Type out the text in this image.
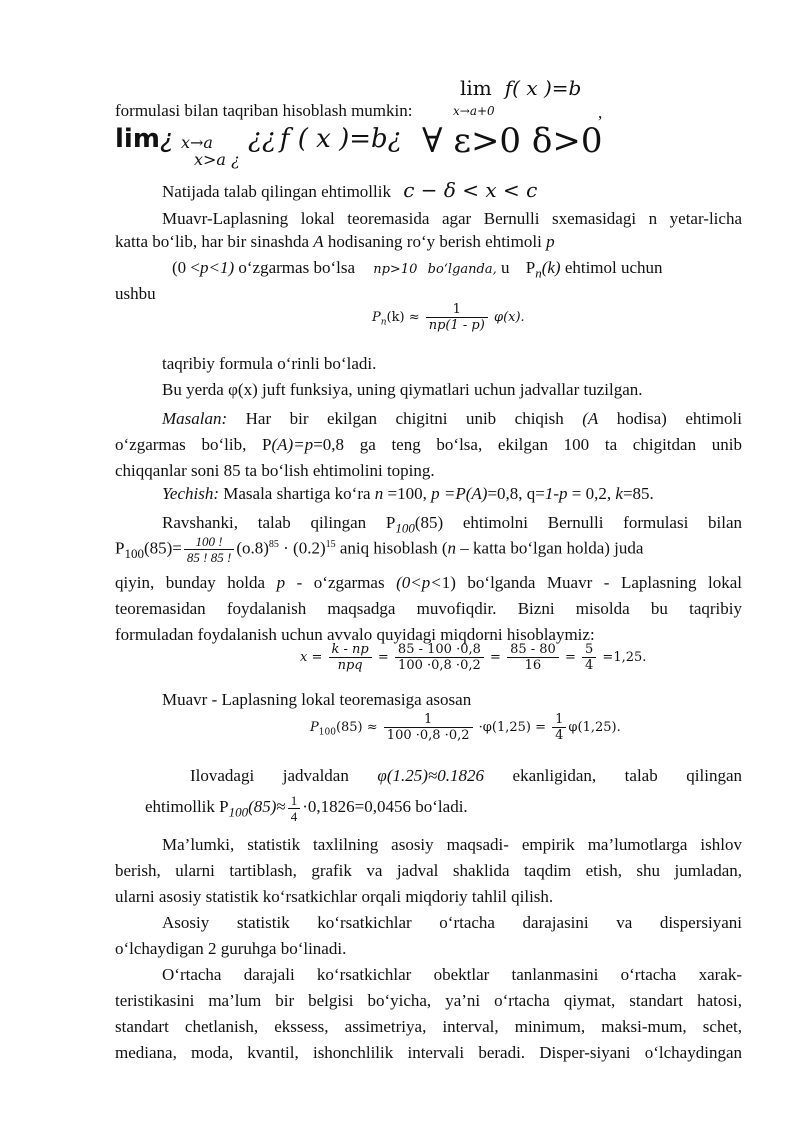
lim f( x )=b
x→a+0	,
formulasi bilan taqriban hisoblash mumkin:
lim¿ x→a
x>a ¿
¿¿ f ( x )=b¿ ∀ ε>0 δ>0
Natijada talab qilingan ehtimollik c − δ < x < c
Muavr-Laplasning lokal teoremasida agar Bernulli sxemasidagi n yetar-licha
katta bo‘lib, har bir sinashda A hodisaning ro‘y berish ehtimoli p
(0 <p<1) o‘zgarmas bo‘lsa np>10 bo‘lganda, u $P_n(k)$ ehtimol uchun
ushbu
$P_n(k) \approx \frac{1}{np(1 - p)} \varphi(x)$.
taqribiy formula o‘rinli bo‘ladi.
Bu yerda φ(x) juft funksiya, uning qiymatlari uchun jadvallar tuzilgan.
Masalan: Har bir ekilgan chigitni unib chiqish (A hodisa) ehtimoli
o‘zgarmas bo‘lib, P(A)=p=0,8 ga teng bo‘lsa, ekilgan 100 ta chigitdan unib
chiqqanlar soni 85 ta bo‘lish ehtimolini toping.
Yechish: Masala shartiga ko‘ra n =100, p =P(A)=0,8, q=1-p = 0,2, k=85.
Ravshanki, talab qilingan $P_{100}(85)$ ehtimolni Bernulli formulasi bilan
$P_{100}(85)= \frac{100 !}{85 ! 85 !} (o.8)^{85} \cdot (0.2)^{15}$ aniq hisoblash (n – katta bo‘lgan holda) juda
qiyin, bunday holda p - o‘zgarmas (0<p<1) bo‘lganda Muavr - Laplasning lokal
teoremasidan foydalanish maqsadga muvofiqdir. Bizni misolda bu taqribiy
formuladan foydalanish uchun avvalo quyidagi miqdorni hisoblaymiz:
$x = \frac{k - np}{\text{npq}} = \frac{85 - 100 \cdot 0,8}{100 \cdot 0,8 \cdot 0,2} = \frac{85 - 80}{16} = \frac{5}{4} =1,25$.
Muavr - Laplasning lokal teoremasiga asosan
$P_{100}(85) \approx \frac{1}{100 \cdot 0,8 \cdot 0,2} \cdot\varphi(1,25) = \frac{1}{4} \varphi(1,25)$.
Ilovadagi jadvaldan φ(1.25)≈0.1826 ekanligidan, talab qilingan
ehtimollik $P_{100}(85)\approx \frac{1}{4} \cdot 0,1826=0,0456$ bo‘ladi.
Ma’lumki, statistik taxlilning asosiy maqsadi- empirik ma’lumotlarga ishlov
berish, ularni tartiblash, grafik va jadval shaklida taqdim etish, shu jumladan,
ularni asosiy statistik ko‘rsatkichlar orqali miqdoriy tahlil qilish.
Asosiy statistik ko‘rsatkichlar o‘rtacha darajasini va dispersiyani
o‘lchaydigan 2 guruhga bo‘linadi.
O‘rtacha darajali ko‘rsatkichlar obektlar tanlanmasini o‘rtacha xarak-
teristikasini ma’lum bir belgisi bo‘yicha, ya’ni o‘rtacha qiymat, standart hatosi,
standart chetlanish, ekssess, assimetriya, interval, minimum, maksi-mum, schet,
mediana, moda, kvantil, ishonchlilik intervali beradi. Disper-siyani o‘lchaydingan
